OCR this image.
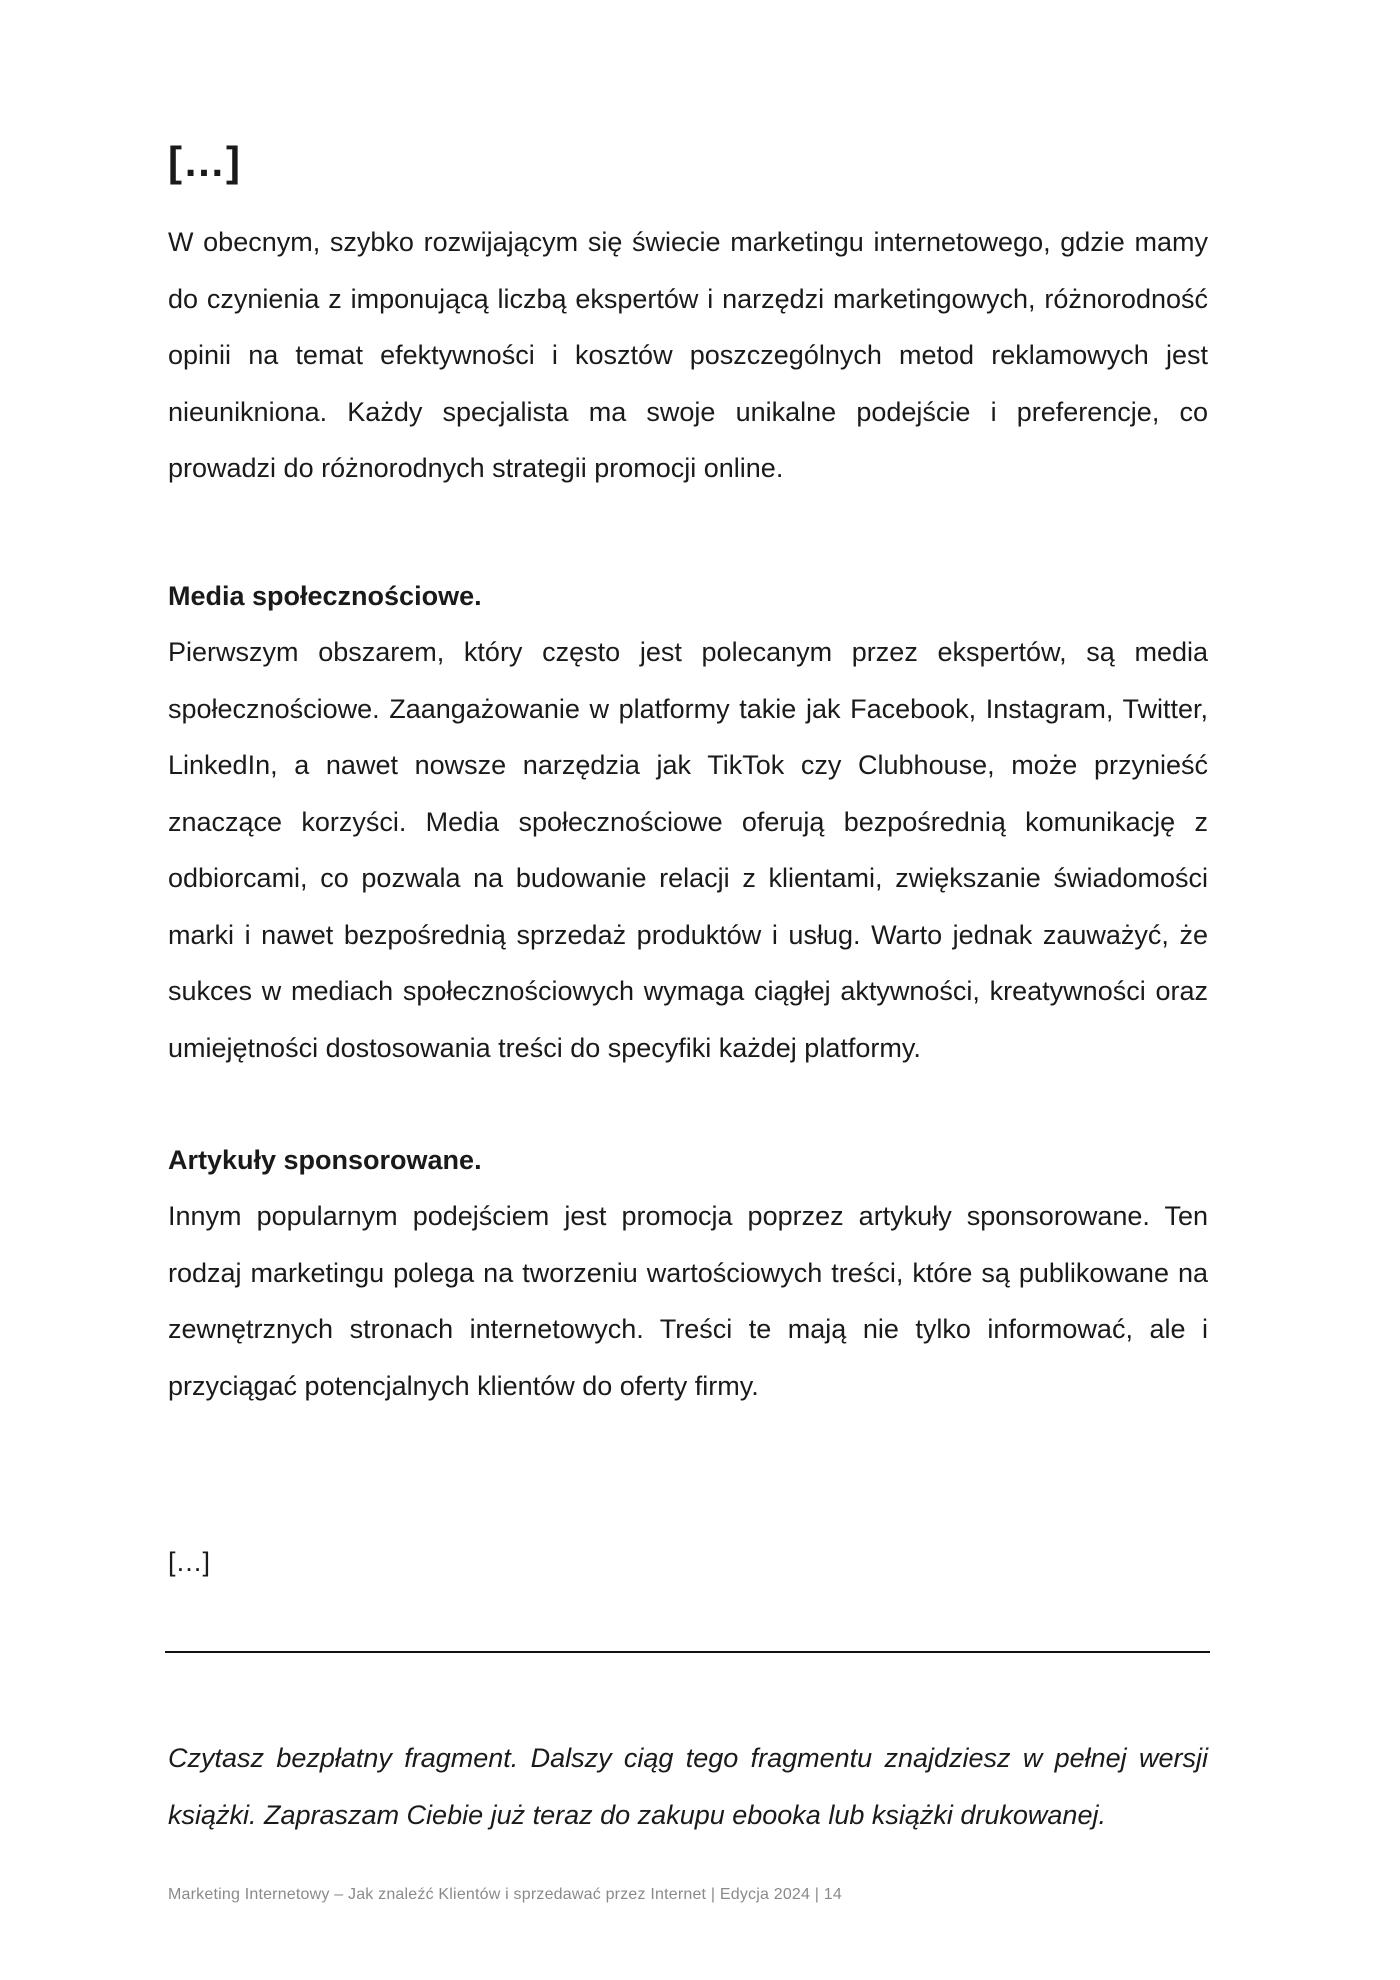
[…]

W obecnym, szybko rozwijającym się świecie marketingu internetowego, gdzie mamy do czynienia z imponującą liczbą ekspertów i narzędzi marketingowych, różnorodność opinii na temat efektywności i kosztów poszczególnych metod reklamowych jest nieunikniona. Każdy specjalista ma swoje unikalne podejście i preferencje, co prowadzi do różnorodnych strategii promocji online.

Media społecznościowe.

Pierwszym obszarem, który często jest polecanym przez ekspertów, są media społecznościowe. Zaangażowanie w platformy takie jak Facebook, Instagram, Twitter, LinkedIn, a nawet nowsze narzędzia jak TikTok czy Clubhouse, może przynieść znaczące korzyści. Media społecznościowe oferują bezpośrednią komunikację z odbiorcami, co pozwala na budowanie relacji z klientami, zwiększanie świadomości marki i nawet bezpośrednią sprzedaż produktów i usług. Warto jednak zauważyć, że sukces w mediach społecznościowych wymaga ciągłej aktywności, kreatywności oraz umiejętności dostosowania treści do specyfiki każdej platformy.

Artykuły sponsorowane.

Innym popularnym podejściem jest promocja poprzez artykuły sponsorowane. Ten rodzaj marketingu polega na tworzeniu wartościowych treści, które są publikowane na zewnętrznych stronach internetowych. Treści te mają nie tylko informować, ale i przyciągać potencjalnych klientów do oferty firmy.

[…]

Czytasz bezpłatny fragment. Dalszy ciąg tego fragmentu znajdziesz w pełnej wersji książki. Zapraszam Ciebie już teraz do zakupu ebooka lub książki drukowanej.

Marketing Internetowy – Jak znaleźć Klientów i sprzedawać przez Internet | Edycja 2024 | 14
